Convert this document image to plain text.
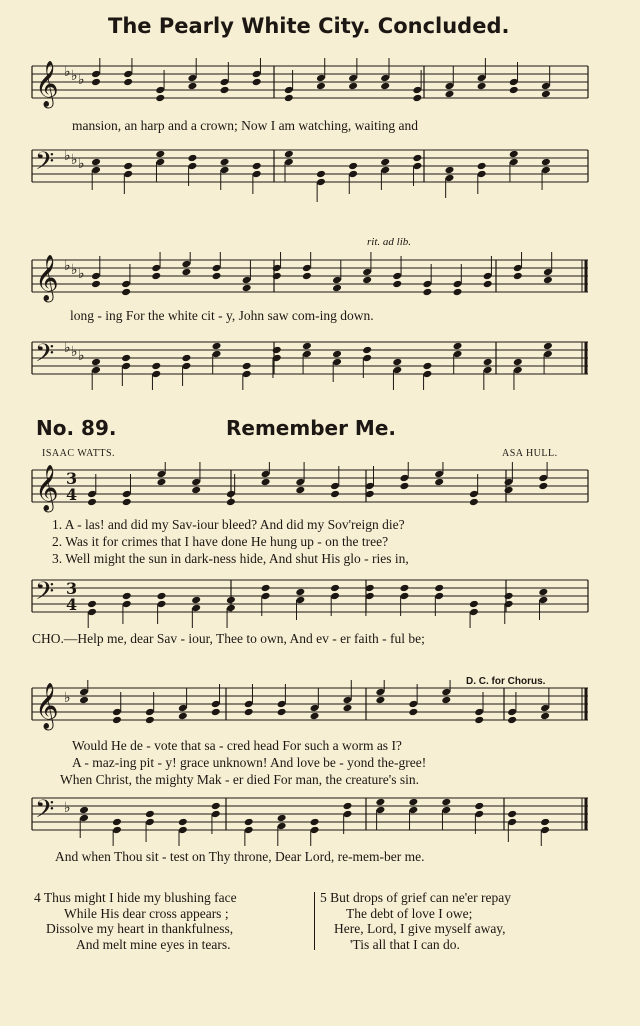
The Pearly White City. Concluded.
𝄞 ♭ ♭ ♭
mansion, an harp and a crown; Now I am watching, waiting and
𝄢 ♭ ♭ ♭
rit. ad lib.
𝄞 ♭ ♭ ♭
long - ing For the white cit - y, John saw com-ing down.
𝄢 ♭ ♭ ♭
No. 89.	Remember Me.
ISAAC WATTS.	ASA HULL.
𝄞 3
4
1. A - las! and did my Sav-iour bleed? And did my Sov'reign die?
2. Was it for crimes that I have done He hung up - on the tree?
3. Well might the sun in dark-ness hide, And shut His glo - ries in,
𝄢 3
4
CHO.—Help me, dear Sav - iour, Thee to own, And ev - er faith - ful be;
D. C. for Chorus.
𝄞 ♭
Would He de - vote that sa - cred head For such a worm as I?
A - maz-ing pit - y! grace unknown! And love be - yond the-gree!
When Christ, the mighty Mak - er died For man, the creature's sin.
𝄢 ♭
And when Thou sit - test on Thy throne, Dear Lord, re-mem-ber me.
4 Thus might I hide my blushing face
While His dear cross appears ;
Dissolve my heart in thankfulness,
And melt mine eyes in tears.
5 But drops of grief can ne'er repay
The debt of love I owe;
Here, Lord, I give myself away,
'Tis all that I can do.
